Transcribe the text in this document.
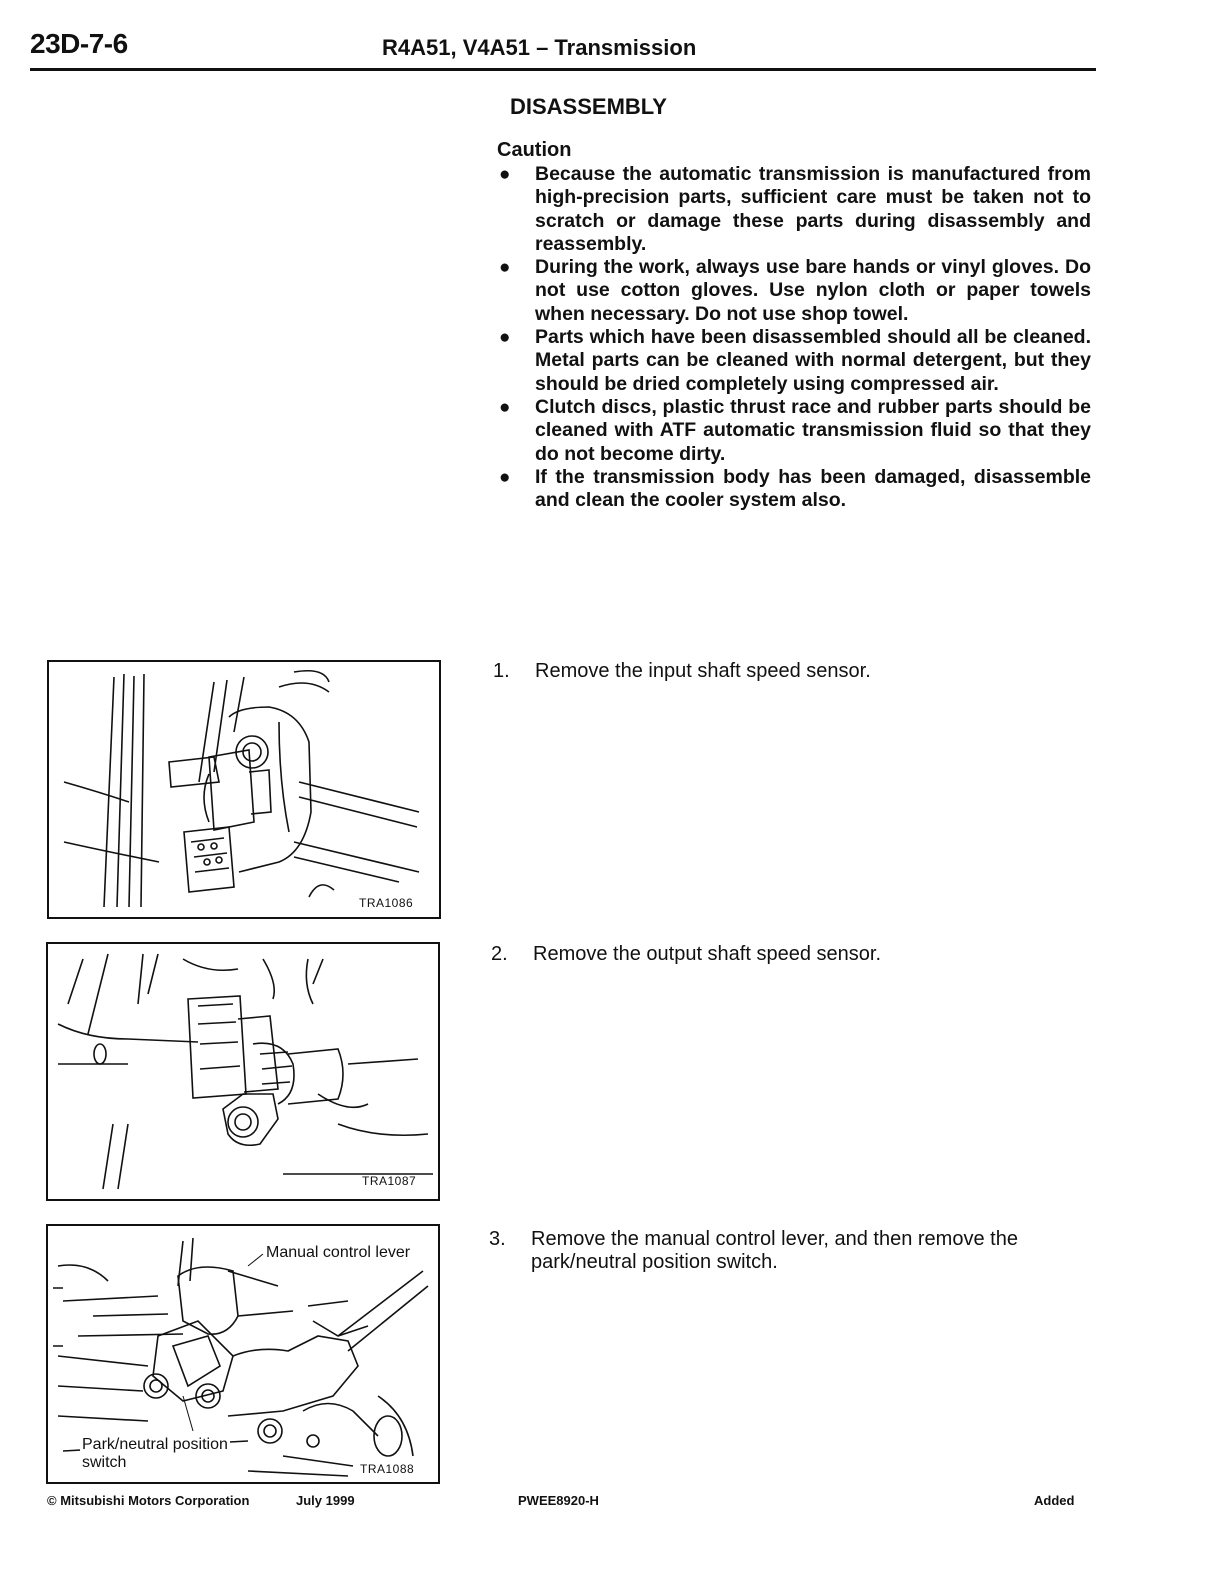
23D-7-6	R4A51, V4A51 – Transmission
DISASSEMBLY
Caution
● Because the automatic transmission is manufactured from high-precision parts, sufficient care must be taken not to scratch or damage these parts during disassembly and reassembly.
● During the work, always use bare hands or vinyl gloves. Do not use cotton gloves. Use nylon cloth or paper towels when necessary. Do not use shop towel.
● Parts which have been disassembled should all be cleaned. Metal parts can be cleaned with normal detergent, but they should be dried completely using compressed air.
● Clutch discs, plastic thrust race and rubber parts should be cleaned with ATF automatic transmission fluid so that they do not become dirty.
● If the transmission body has been damaged, disassemble and clean the cooler system also.
TRA1086
1. Remove the input shaft speed sensor.
TRA1087
2. Remove the output shaft speed sensor.
Manual control lever
Park/neutral position
switch	TRA1088
3. Remove the manual control lever, and then remove the park/neutral position switch.
© Mitsubishi Motors Corporation	July 1999	PWEE8920-H	Added
